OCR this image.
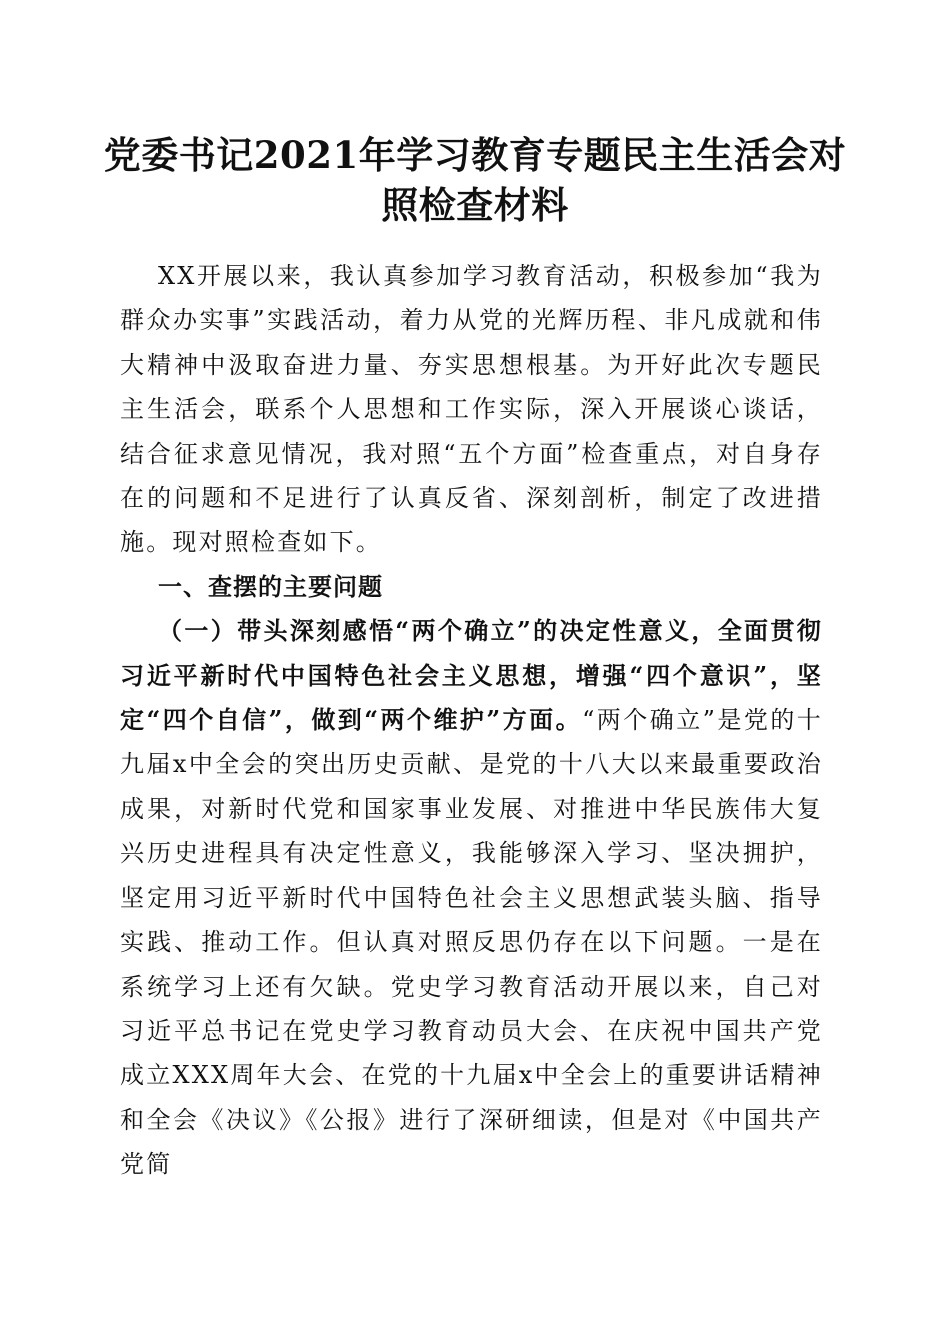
党委书记2021年学习教育专题民主生活会对照检查材料

XX开展以来，我认真参加学习教育活动，积极参加“我为群众办实事”实践活动，着力从党的光辉历程、非凡成就和伟大精神中汲取奋进力量、夯实思想根基。为开好此次专题民主生活会，联系个人思想和工作实际，深入开展谈心谈话，结合征求意见情况，我对照“五个方面”检查重点，对自身存在的问题和不足进行了认真反省、深刻剖析，制定了改进措施。现对照检查如下。

一、查摆的主要问题

（一）带头深刻感悟“两个确立”的决定性意义，全面贯彻习近平新时代中国特色社会主义思想，增强“四个意识”，坚定“四个自信”，做到“两个维护”方面。“两个确立”是党的十九届x中全会的突出历史贡献、是党的十八大以来最重要政治成果，对新时代党和国家事业发展、对推进中华民族伟大复兴历史进程具有决定性意义，我能够深入学习、坚决拥护，坚定用习近平新时代中国特色社会主义思想武装头脑、指导实践、推动工作。但认真对照反思仍存在以下问题。一是在系统学习上还有欠缺。党史学习教育活动开展以来，自己对习近平总书记在党史学习教育动员大会、在庆祝中国共产党成立XXX周年大会、在党的十九届x中全会上的重要讲话精神和全会《决议》《公报》进行了深研细读，但是对《中国共产党简
